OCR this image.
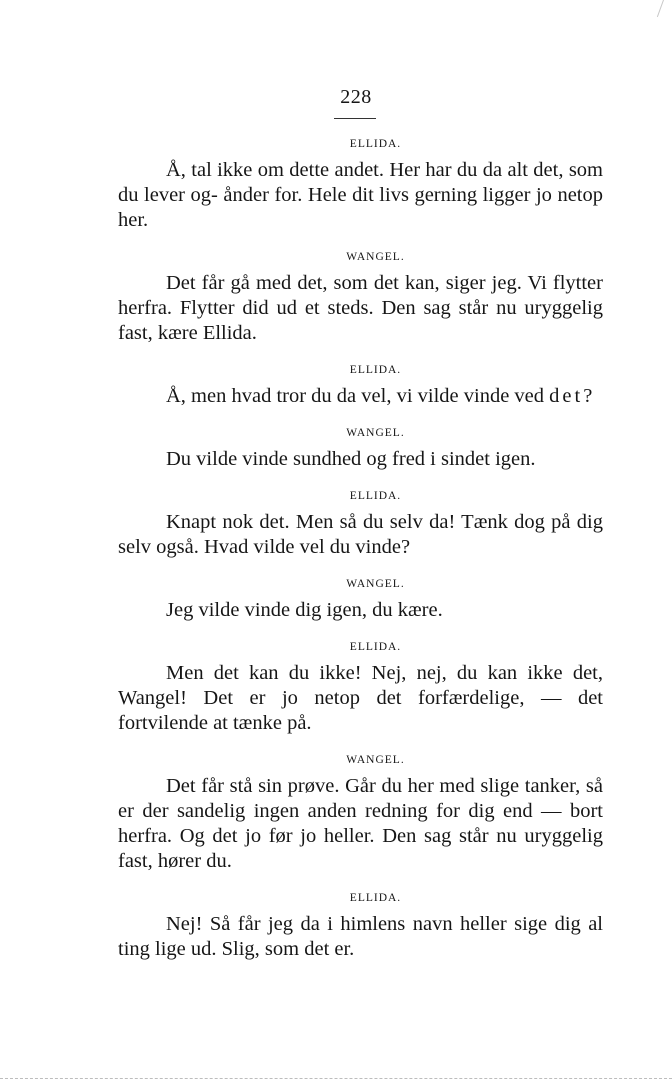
228
ELLIDA.

Å, tal ikke om dette andet. Her har du da alt det, som du lever og- ånder for. Hele dit livs gerning ligger jo netop her.

WANGEL.

Det får gå med det, som det kan, siger jeg. Vi flytter herfra. Flytter did ud et steds. Den sag står nu uryggelig fast, kære Ellida.

ELLIDA.

Å, men hvad tror du da vel, vi vilde vinde ved det?

WANGEL.

Du vilde vinde sundhed og fred i sindet igen.

ELLIDA.

Knapt nok det. Men så du selv da! Tænk dog på dig selv også. Hvad vilde vel du vinde?

WANGEL.

Jeg vilde vinde dig igen, du kære.

ELLIDA.

Men det kan du ikke! Nej, nej, du kan ikke det, Wangel! Det er jo netop det forfærdelige, — det fortvilende at tænke på.

WANGEL.

Det får stå sin prøve. Går du her med slige tanker, så er der sandelig ingen anden redning for dig end — bort herfra. Og det jo før jo heller. Den sag står nu uryggelig fast, hører du.

ELLIDA.

Nej! Så får jeg da i himlens navn heller sige dig al ting lige ud. Slig, som det er.
